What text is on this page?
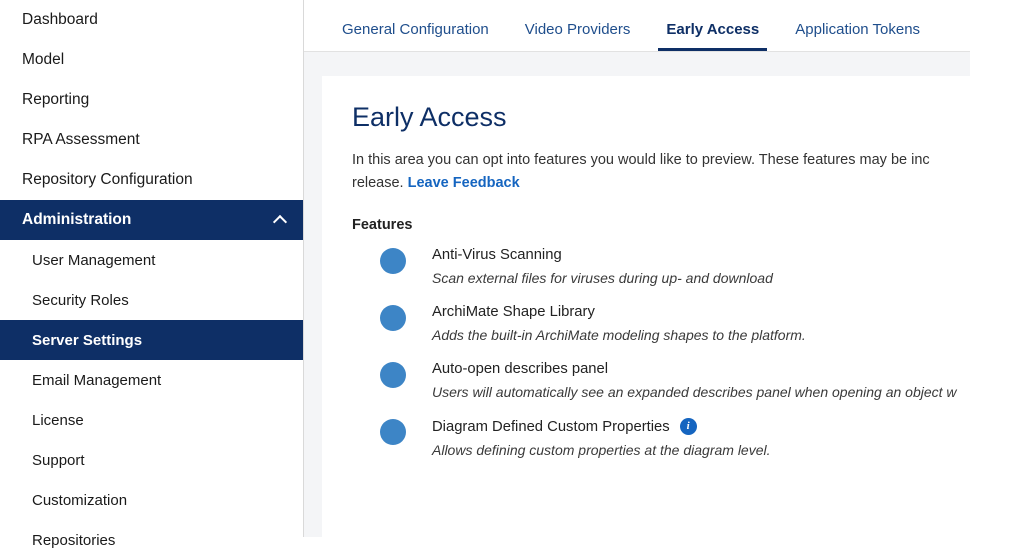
Dashboard
Model
Reporting
RPA Assessment
Repository Configuration
Administration
User Management
Security Roles
Server Settings
Email Management
License
Support
Customization
Repositories
General Configuration	Video Providers	Early Access	Application Tokens
Early Access

In this area you can opt into features you would like to preview. These features may be inc
release. Leave Feedback

Features
Anti-Virus Scanning
Scan external files for viruses during up- and download
ArchiMate Shape Library
Adds the built-in ArchiMate modeling shapes to the platform.
Auto-open describes panel
Users will automatically see an expanded describes panel when opening an object w
Diagram Defined Custom Properties	i
Allows defining custom properties at the diagram level.
